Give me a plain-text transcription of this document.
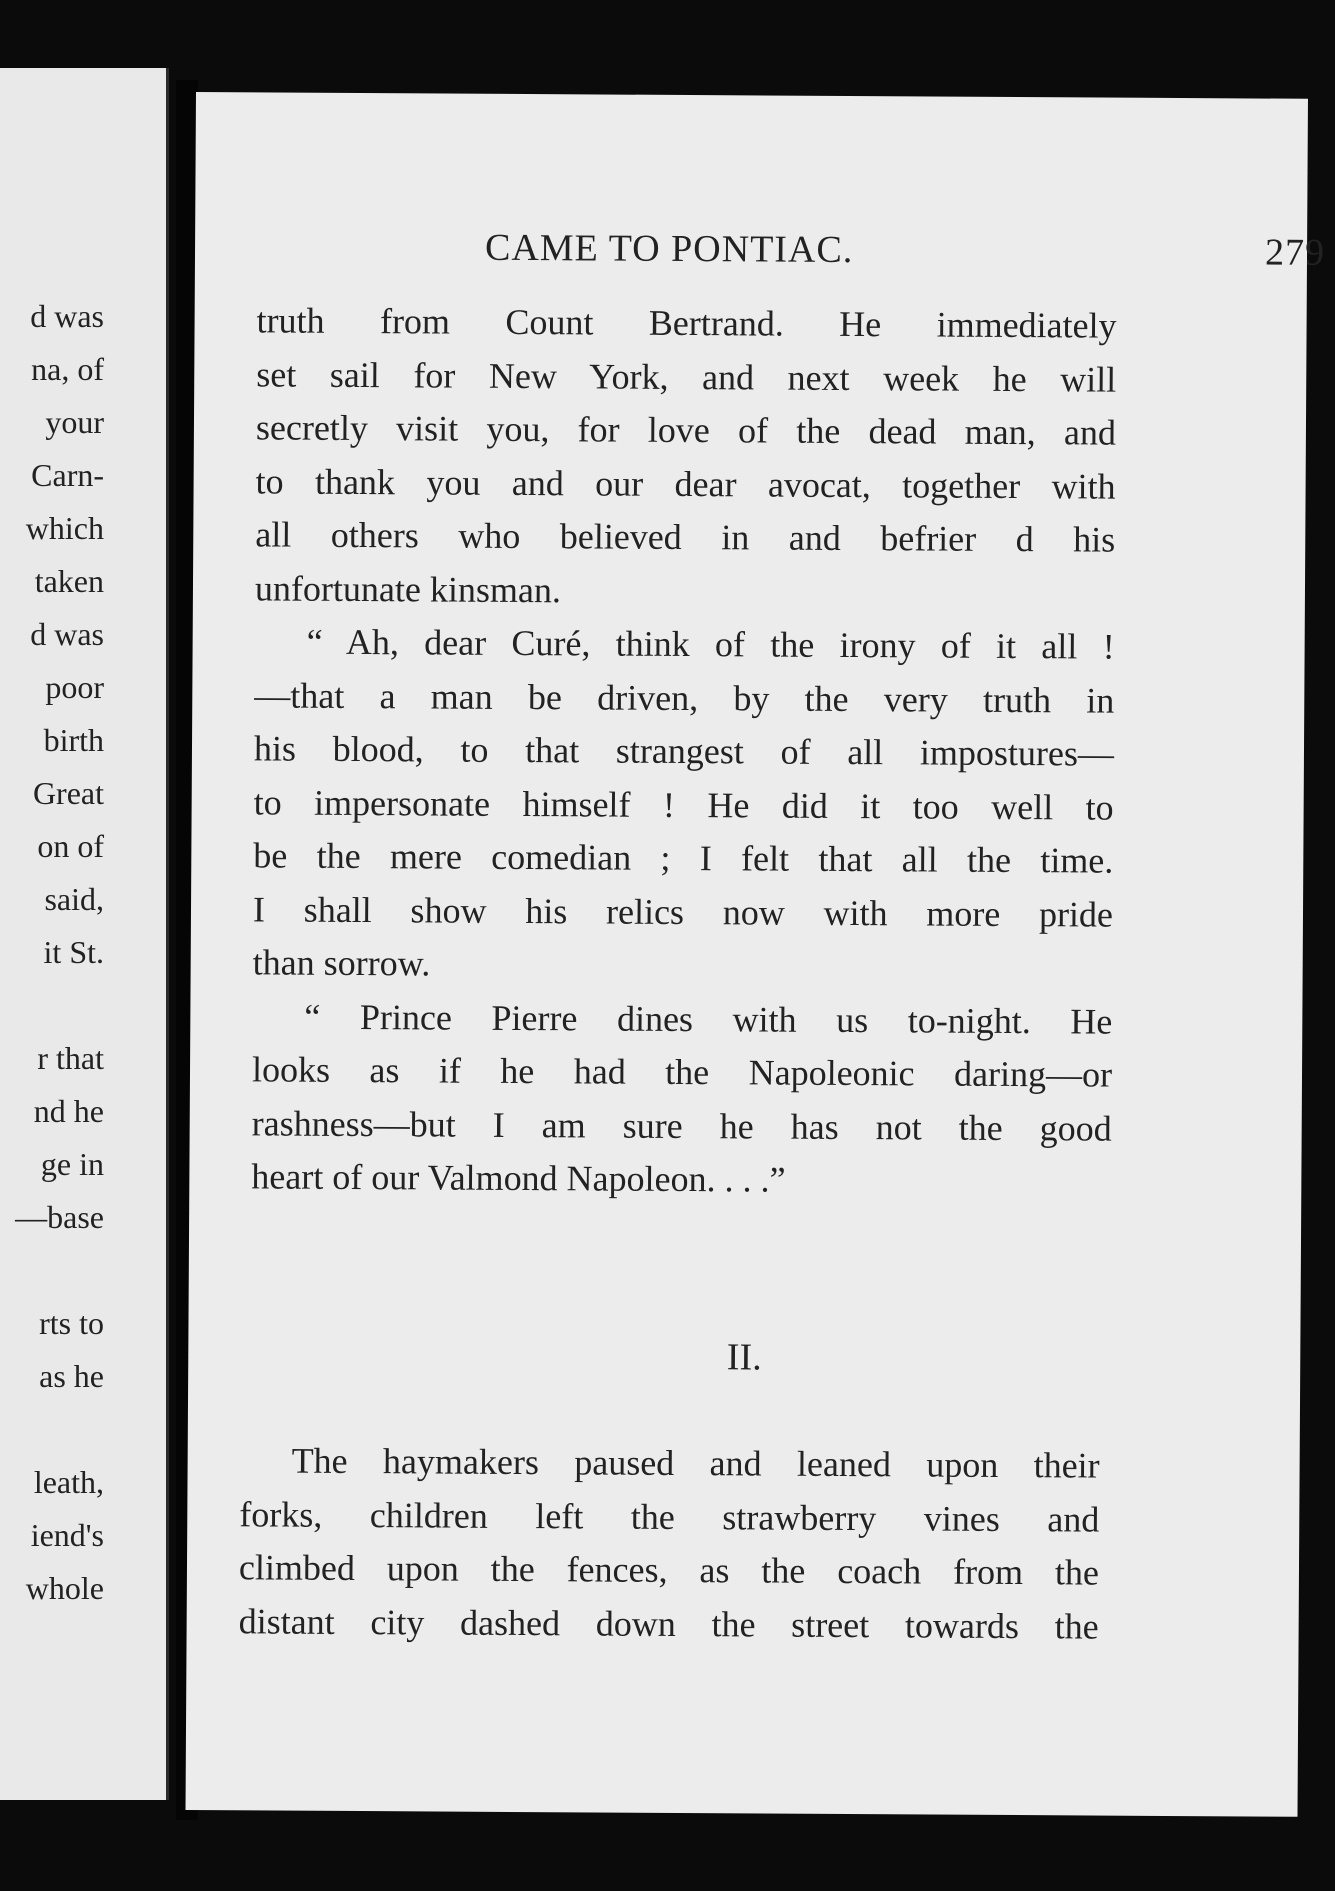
d was
na, of
your
Carn-
which
taken
d was
poor
birth
Great
on of
said,
it St.
r that
nd he
ge in
—base
rts to
as he
leath,
iend's
whole
CAME TO PONTIAC.	279

truth from Count Bertrand. He immediately

set sail for New York, and next week he will

secretly visit you, for love of the dead man, and

to thank you and our dear avocat, together with

all others who believed in and befrier d his

unfortunate kinsman.

“ Ah, dear Curé, think of the irony of it all !

—that a man be driven, by the very truth in

his blood, to that strangest of all impostures—

to impersonate himself ! He did it too well to

be the mere comedian ; I felt that all the time.

I shall show his relics now with more pride

than sorrow.

“ Prince Pierre dines with us to-night. He

looks as if he had the Napoleonic daring—or

rashness—but I am sure he has not the good

heart of our Valmond Napoleon. . . .”

II.

The haymakers paused and leaned upon their

forks, children left the strawberry vines and

climbed upon the fences, as the coach from the

distant city dashed down the street towards the
